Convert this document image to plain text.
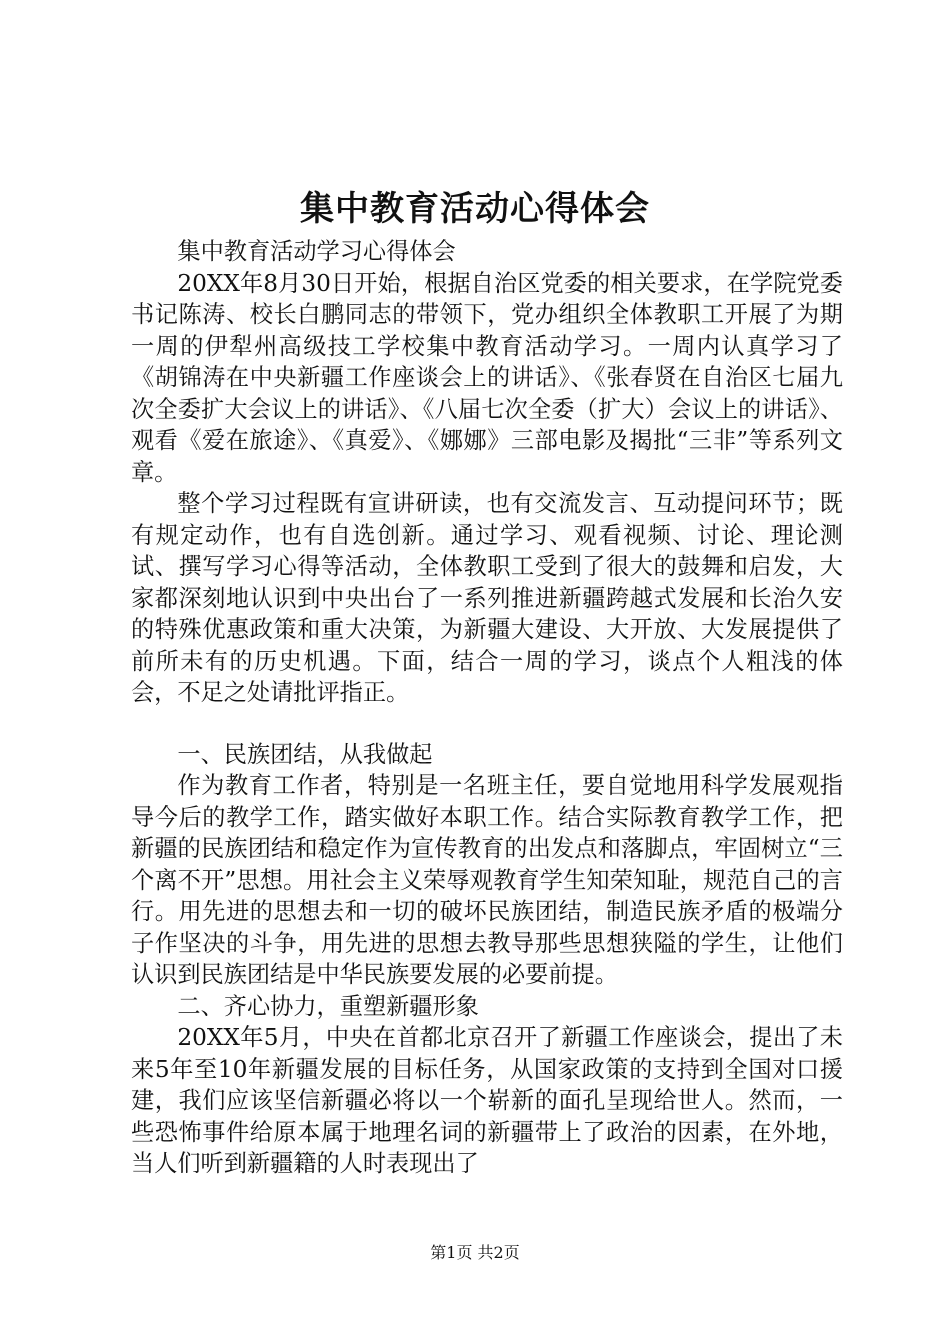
集中教育活动心得体会

集中教育活动学习心得体会

20XX年8月30日开始，根据自治区党委的相关要求，在学院党委书记陈涛、校长白鹏同志的带领下，党办组织全体教职工开展了为期一周的伊犁州高级技工学校集中教育活动学习。一周内认真学习了《胡锦涛在中央新疆工作座谈会上的讲话》、《张春贤在自治区七届九次全委扩大会议上的讲话》、《八届七次全委（扩大）会议上的讲话》、观看《爱在旅途》、《真爱》、《娜娜》三部电影及揭批“三非”等系列文章。

整个学习过程既有宣讲研读，也有交流发言、互动提问环节；既有规定动作，也有自选创新。通过学习、观看视频、讨论、理论测试、撰写学习心得等活动，全体教职工受到了很大的鼓舞和启发，大家都深刻地认识到中央出台了一系列推进新疆跨越式发展和长治久安的特殊优惠政策和重大决策，为新疆大建设、大开放、大发展提供了前所未有的历史机遇。下面，结合一周的学习，谈点个人粗浅的体会，不足之处请批评指正。

一、民族团结，从我做起

作为教育工作者，特别是一名班主任，要自觉地用科学发展观指导今后的教学工作，踏实做好本职工作。结合实际教育教学工作，把新疆的民族团结和稳定作为宣传教育的出发点和落脚点，牢固树立“三个离不开”思想。用社会主义荣辱观教育学生知荣知耻，规范自己的言行。用先进的思想去和一切的破坏民族团结，制造民族矛盾的极端分子作坚决的斗争，用先进的思想去教导那些思想狭隘的学生，让他们认识到民族团结是中华民族要发展的必要前提。

二、齐心协力，重塑新疆形象

20XX年5月，中央在首都北京召开了新疆工作座谈会，提出了未来5年至10年新疆发展的目标任务，从国家政策的支持到全国对口援建，我们应该坚信新疆必将以一个崭新的面孔呈现给世人。然而，一些恐怖事件给原本属于地理名词的新疆带上了政治的因素，在外地，当人们听到新疆籍的人时表现出了

第1页 共2页
